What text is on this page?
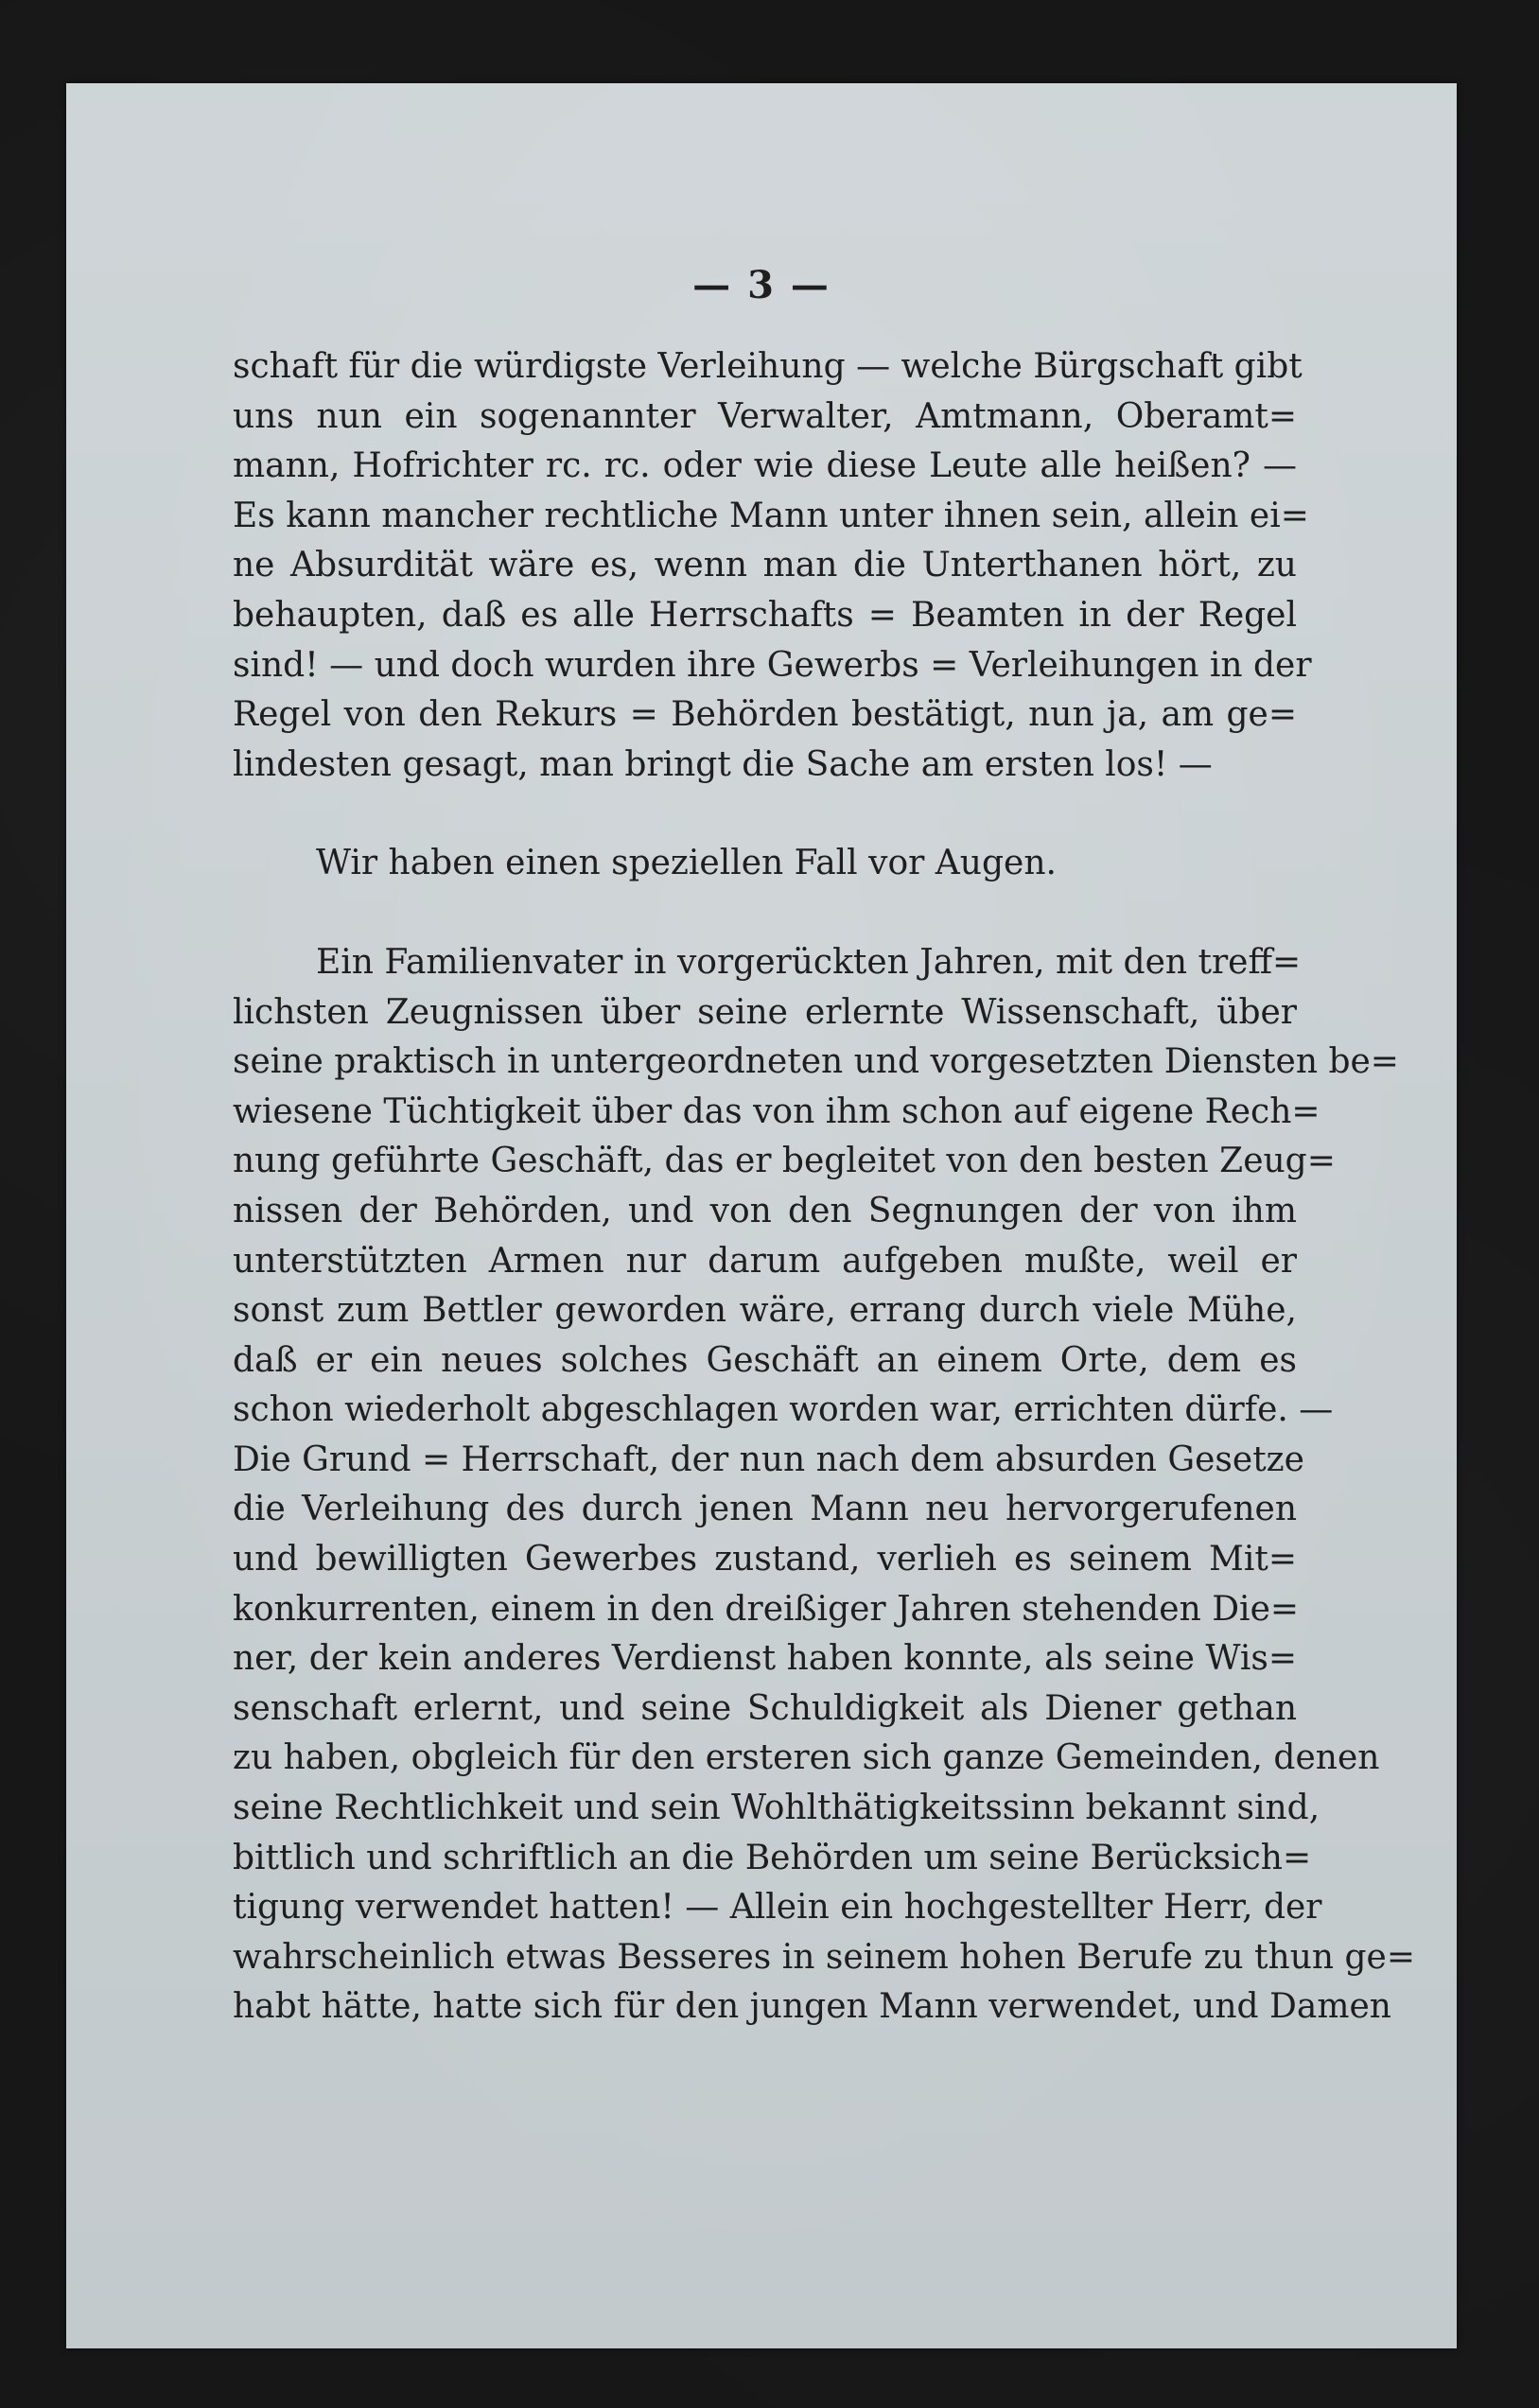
— 3 —
schaft für die würdigste Verleihung — welche Bürgschaft gibt
uns nun ein sogenannter Verwalter, Amtmann, Oberamt=
mann, Hofrichter rc. rc. oder wie diese Leute alle heißen? —
Es kann mancher rechtliche Mann unter ihnen sein, allein ei=
ne Absurdität wäre es, wenn man die Unterthanen hört, zu
behaupten, daß es alle Herrschafts = Beamten in der Regel
sind! — und doch wurden ihre Gewerbs = Verleihungen in der
Regel von den Rekurs = Behörden bestätigt, nun ja, am ge=
lindesten gesagt, man bringt die Sache am ersten los! —
Wir haben einen speziellen Fall vor Augen.
Ein Familienvater in vorgerückten Jahren, mit den treff=
lichsten Zeugnissen über seine erlernte Wissenschaft, über
seine praktisch in untergeordneten und vorgesetzten Diensten be=
wiesene Tüchtigkeit über das von ihm schon auf eigene Rech=
nung geführte Geschäft, das er begleitet von den besten Zeug=
nissen der Behörden, und von den Segnungen der von ihm
unterstützten Armen nur darum aufgeben mußte, weil er
sonst zum Bettler geworden wäre, errang durch viele Mühe,
daß er ein neues solches Geschäft an einem Orte, dem es
schon wiederholt abgeschlagen worden war, errichten dürfe. —
Die Grund = Herrschaft, der nun nach dem absurden Gesetze
die Verleihung des durch jenen Mann neu hervorgerufenen
und bewilligten Gewerbes zustand, verlieh es seinem Mit=
konkurrenten, einem in den dreißiger Jahren stehenden Die=
ner, der kein anderes Verdienst haben konnte, als seine Wis=
senschaft erlernt, und seine Schuldigkeit als Diener gethan
zu haben, obgleich für den ersteren sich ganze Gemeinden, denen
seine Rechtlichkeit und sein Wohlthätigkeitssinn bekannt sind,
bittlich und schriftlich an die Behörden um seine Berücksich=
tigung verwendet hatten! — Allein ein hochgestellter Herr, der
wahrscheinlich etwas Besseres in seinem hohen Berufe zu thun ge=
habt hätte, hatte sich für den jungen Mann verwendet, und Damen
